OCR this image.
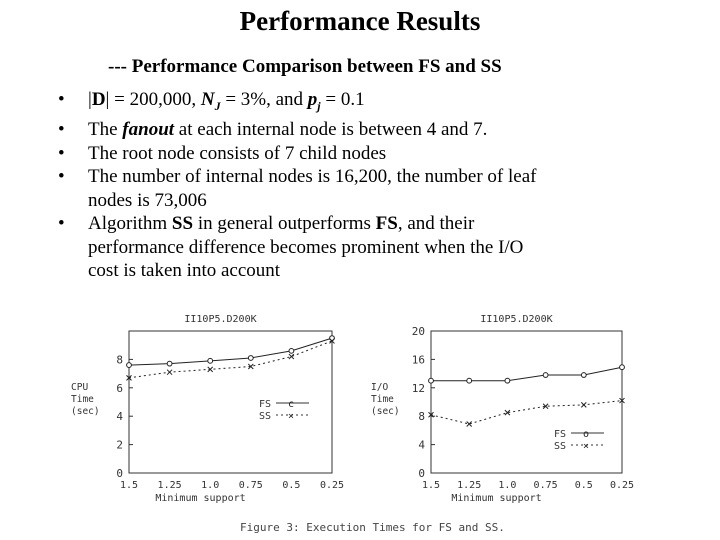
Performance Results
--- Performance Comparison between FS and SS
• |D| = 200,000, $N_J = 3\%$, and $p_j = 0.1$
• The fanout at each internal node is between 4 and 7.
• The root node consists of 7 child nodes
• The number of internal nodes is 16,200, the number of leaf
nodes is 73,006
• Algorithm SS in general outperforms FS, and their
performance difference becomes prominent when the I/O
cost is taken into account
II10P5.D200K
0
2
4
6
8
1.5 1.25 1.0 0.75 0.5 0.25
Minimum support
CPU
Time
(sec)
FS c
SS ×
II10P5.D200K
0
4
8
12
16
20
1.5 1.25 1.0 0.75 0.5 0.25
Minimum support
I/O
Time
(sec)
FS o
SS ×
Figure 3: Execution Times for FS and SS.
